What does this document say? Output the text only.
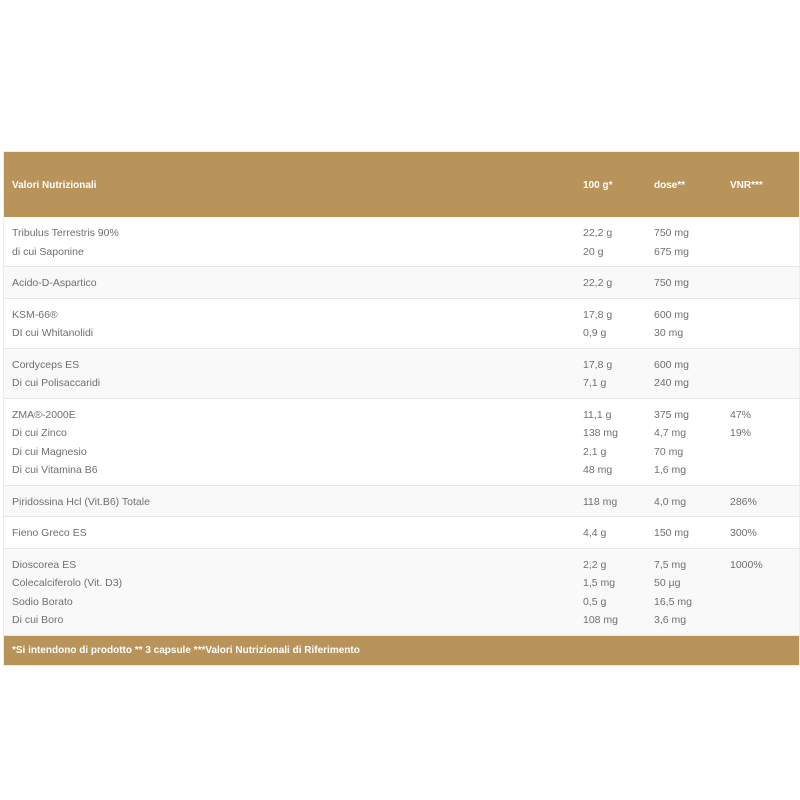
Valori Nutrizionali	100 g*	dose**	VNR***
Tribulus Terrestris 90%	22,2 g	750 mg
di cui Saponine	20 g	675 mg
Acido-D-Aspartico	22,2 g	750 mg
KSM-66®	17,8 g	600 mg
DI cui Whitanolidi	0,9 g	30 mg
Cordyceps ES	17,8 g	600 mg
Di cui Polisaccaridi	7,1 g	240 mg
ZMA®-2000E	11,1 g	375 mg	47%
Di cui Zinco	138 mg	4,7 mg	19%
Di cui Magnesio	2,1 g	70 mg
Di cui Vitamina B6	48 mg	1,6 mg
Piridossina Hcl (Vit.B6) Totale	118 mg	4,0 mg	286%
Fieno Greco ES	4,4 g	150 mg	300%
Dioscorea ES	2,2 g	7,5 mg	1000%
Colecalciferolo (Vit. D3)	1,5 mg	50 µg
Sodio Borato	0,5 g	16,5 mg
Di cui Boro	108 mg	3,6 mg
*Si intendono di prodotto ** 3 capsule ***Valori Nutrizionali di Riferimento
